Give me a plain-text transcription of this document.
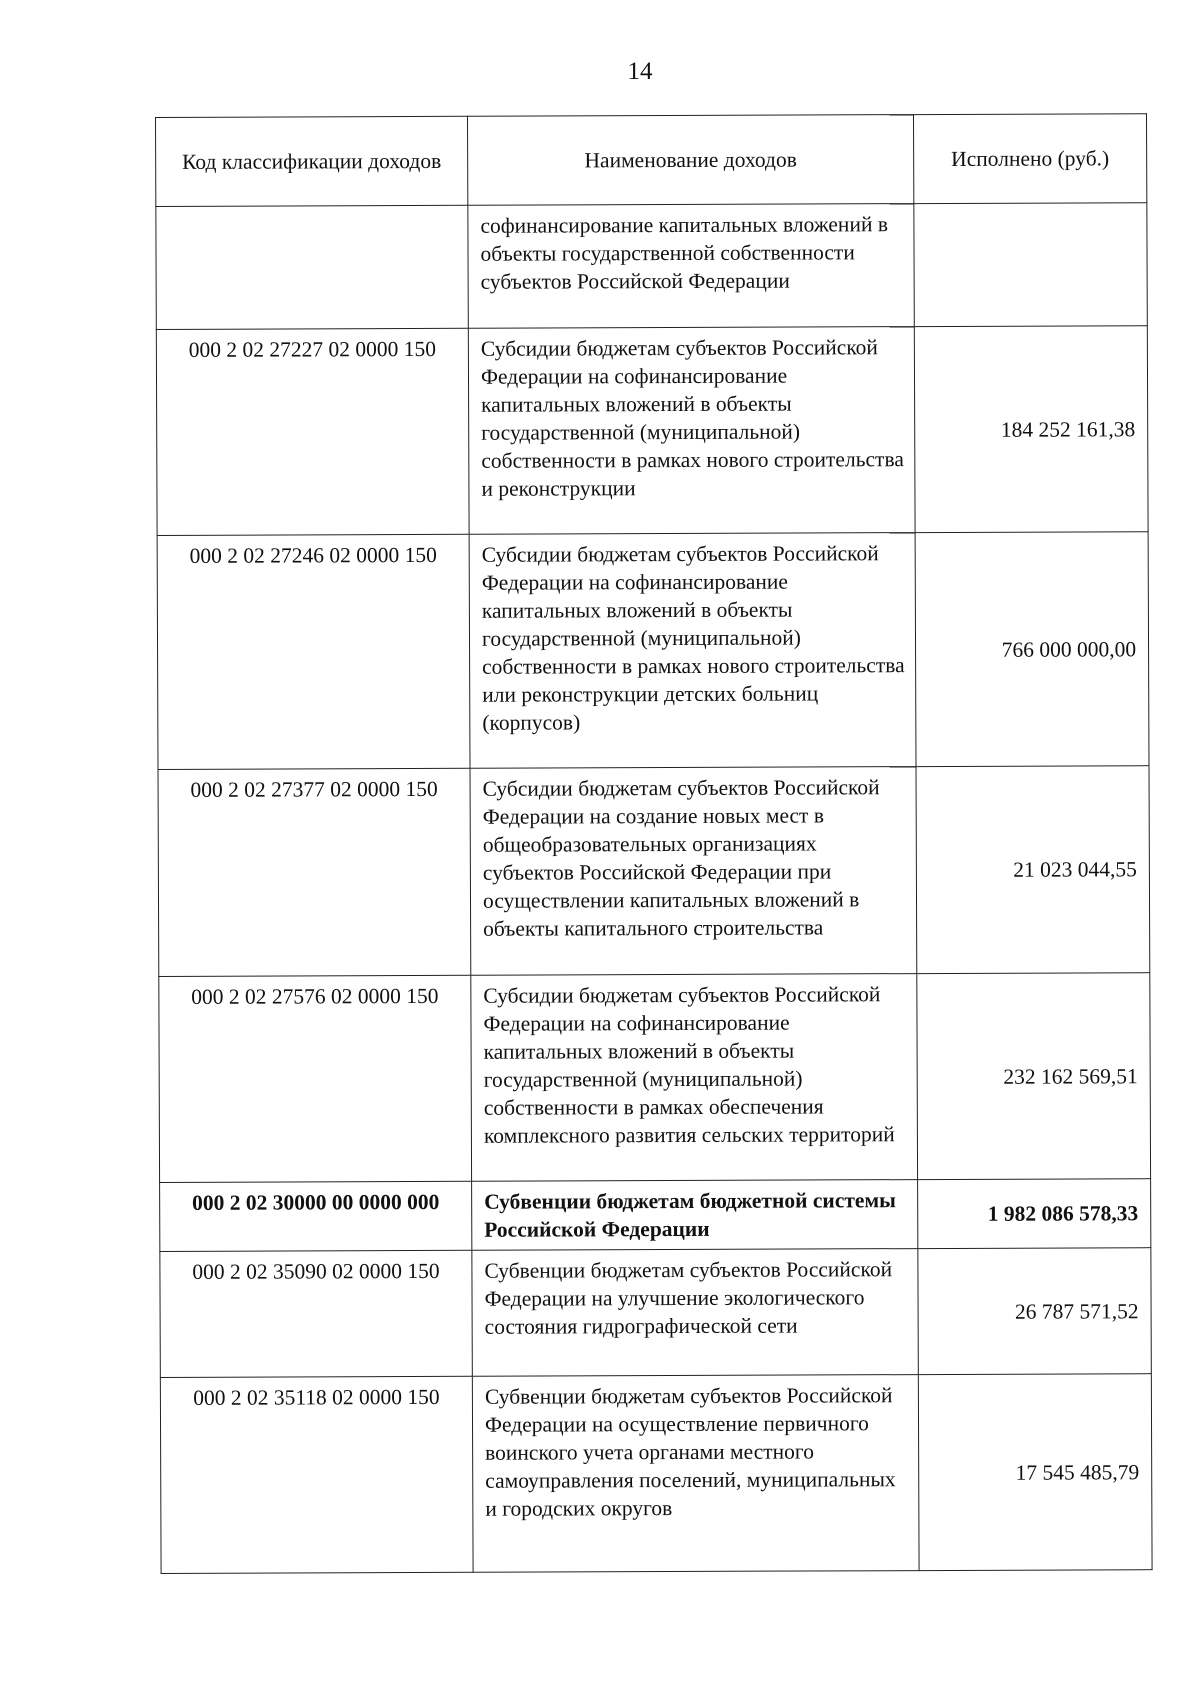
14
Код классификации доходов	Наименование доходов	Исполнено (руб.)
	софинансирование капитальных вложений в объекты государственной собственности субъектов Российской Федерации	
000 2 02 27227 02 0000 150	Субсидии бюджетам субъектов Российской Федерации на софинансирование капитальных вложений в объекты государственной (муниципальной) собственности в рамках нового строительства и реконструкции	184 252 161,38
000 2 02 27246 02 0000 150	Субсидии бюджетам субъектов Российской Федерации на софинансирование капитальных вложений в объекты государственной (муниципальной) собственности в рамках нового строительства или реконструкции детских больниц (корпусов)	766 000 000,00
000 2 02 27377 02 0000 150	Субсидии бюджетам субъектов Российской Федерации на создание новых мест в общеобразовательных организациях субъектов Российской Федерации при осуществлении капитальных вложений в объекты капитального строительства	21 023 044,55
000 2 02 27576 02 0000 150	Субсидии бюджетам субъектов Российской Федерации на софинансирование капитальных вложений в объекты государственной (муниципальной) собственности в рамках обеспечения комплексного развития сельских территорий	232 162 569,51
000 2 02 30000 00 0000 000	Субвенции бюджетам бюджетной системы Российской Федерации	1 982 086 578,33
000 2 02 35090 02 0000 150	Субвенции бюджетам субъектов Российской Федерации на улучшение экологического состояния гидрографической сети	26 787 571,52
000 2 02 35118 02 0000 150	Субвенции бюджетам субъектов Российской Федерации на осуществление первичного воинского учета органами местного самоуправления поселений, муниципальных и городских округов	17 545 485,79
